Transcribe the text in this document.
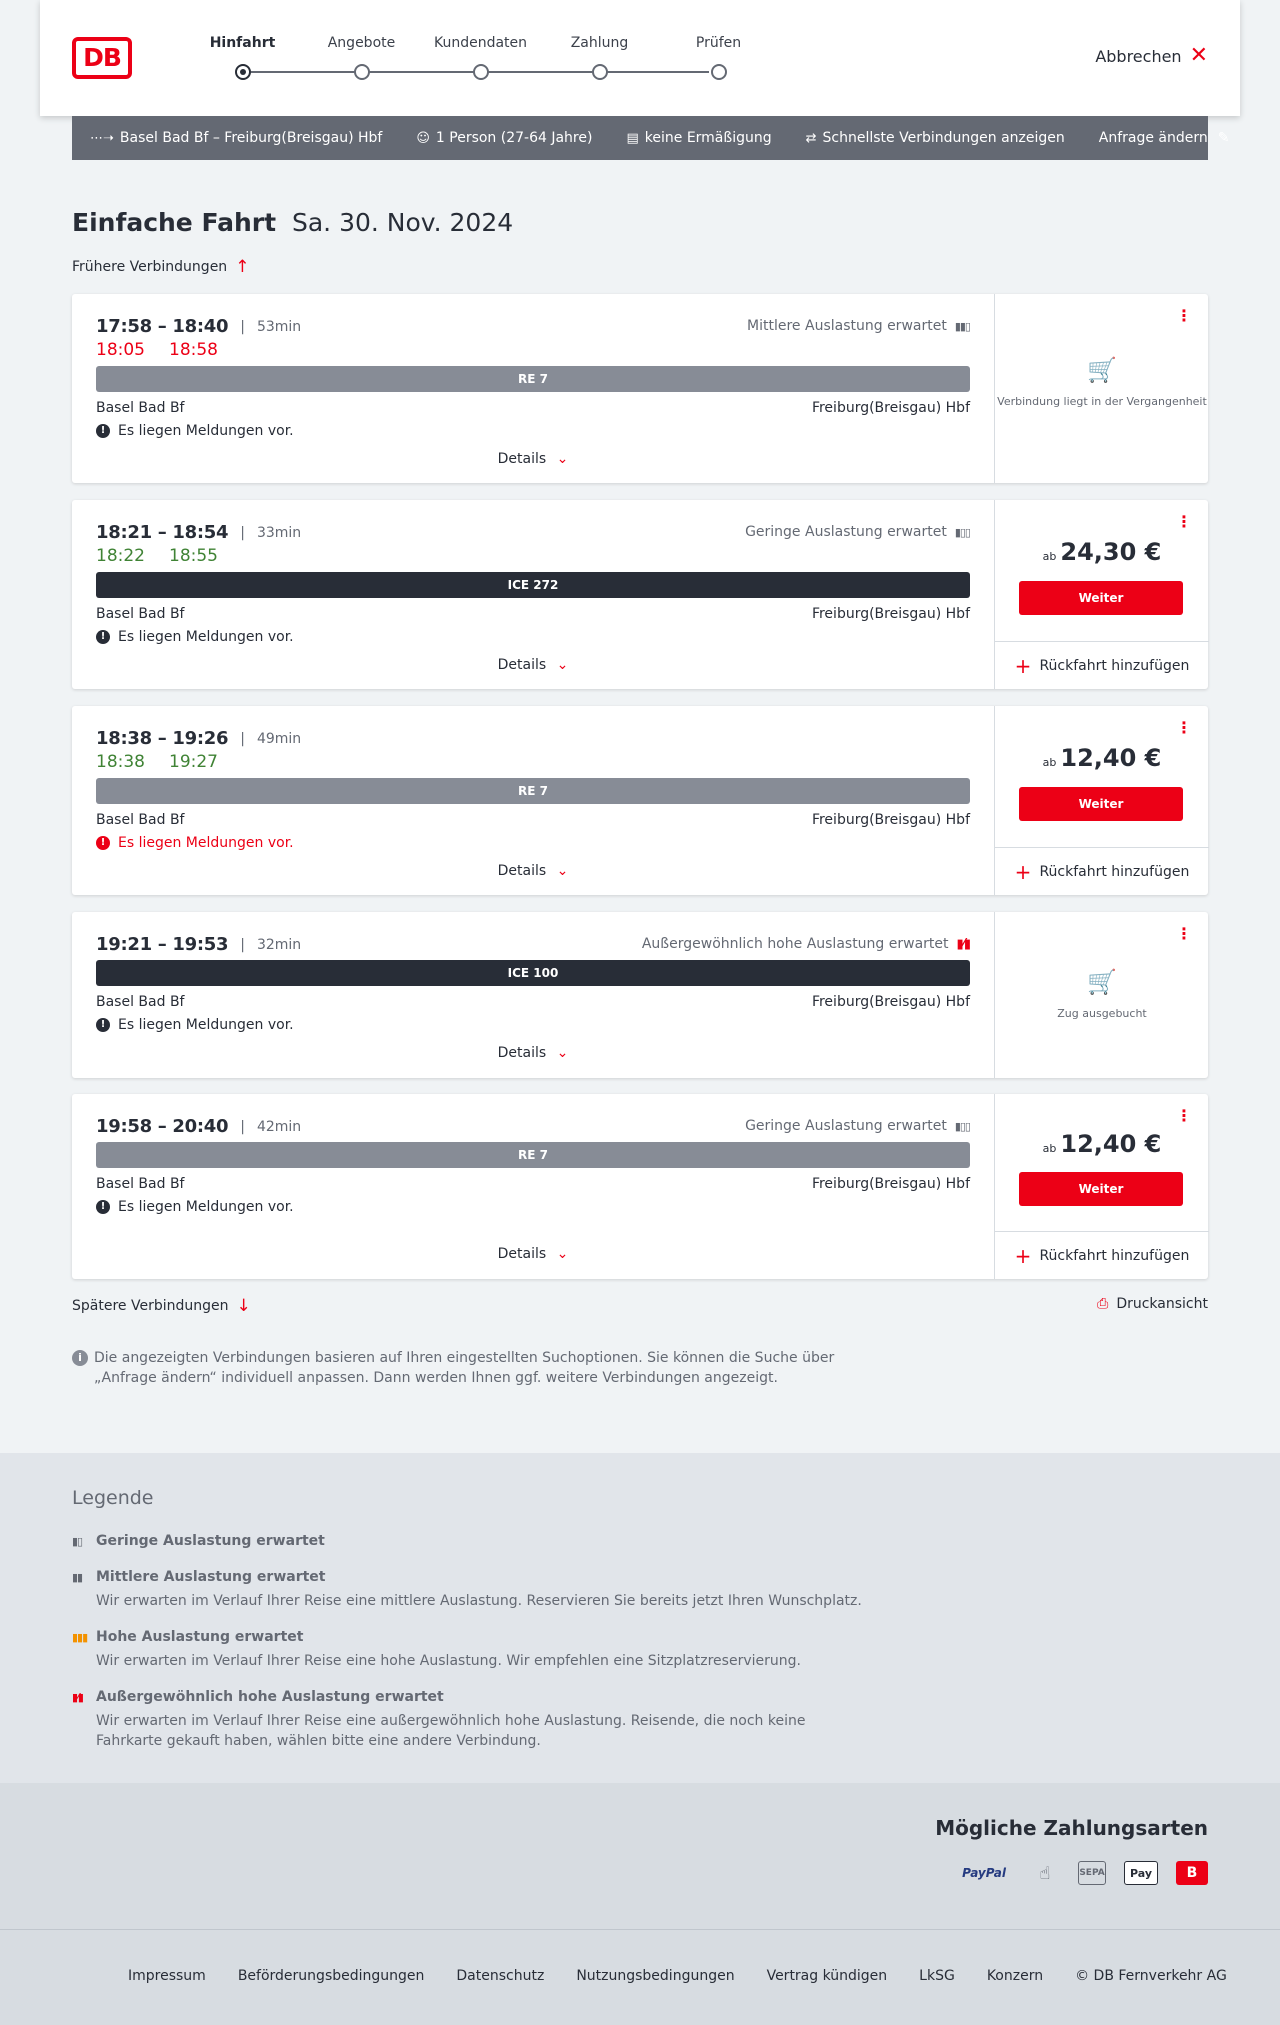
DB	Hinfahrt	Angebote	Kundendaten	Zahlung	Prüfen
Abbrechen ✕
⋯➝ Basel Bad Bf – Freiburg(Breisgau) Hbf	☺ 1 Person (27-64 Jahre)	▤ keine Ermäßigung	⇄ Schnellste Verbindungen anzeigen Anfrage ändern ✎
Einfache Fahrt Sa. 30. Nov. 2024
Frühere Verbindungen ↑
17:58 – 18:40 | 53min
18:05 18:58
Mittlere Auslastung erwartet ▮▮▯
RE 7
Basel Bad Bf	Freiburg(Breisgau) Hbf
! Es liegen Meldungen vor.
Details ⌄
⋮
🛒
Verbindung liegt in der Vergangenheit
18:21 – 18:54 | 33min
18:22 18:55
Geringe Auslastung erwartet ▮▯▯
ICE 272
Basel Bad Bf	Freiburg(Breisgau) Hbf
! Es liegen Meldungen vor.
Details ⌄
⋮
ab 24,30 €
Weiter
+ Rückfahrt hinzufügen
18:38 – 19:26 | 49min
18:38 19:27
RE 7
Basel Bad Bf	Freiburg(Breisgau) Hbf
! Es liegen Meldungen vor.
Details ⌄
⋮
ab 12,40 €
Weiter
+ Rückfahrt hinzufügen
19:21 – 19:53 | 32min	Außergewöhnlich hohe Auslastung erwartet ▮⁄▮
ICE 100
Basel Bad Bf	Freiburg(Breisgau) Hbf
! Es liegen Meldungen vor.
Details ⌄
⋮
🛒
Zug ausgebucht
19:58 – 20:40 | 42min	Geringe Auslastung erwartet ▮▯▯
RE 7
Basel Bad Bf	Freiburg(Breisgau) Hbf
! Es liegen Meldungen vor.
Details ⌄
⋮
ab 12,40 €
Weiter
+ Rückfahrt hinzufügen
Spätere Verbindungen ↓	⎙ Druckansicht
i Die angezeigten Verbindungen basieren auf Ihren eingestellten Suchoptionen. Sie können die Suche über „Anfrage ändern“ individuell anpassen. Dann werden Ihnen ggf. weitere Verbindungen angezeigt.
Legende
▮▯ Geringe Auslastung erwartet
▮▮ Mittlere Auslastung erwartet
Wir erwarten im Verlauf Ihrer Reise eine mittlere Auslastung. Reservieren Sie bereits jetzt Ihren Wunschplatz.
▮▮▮ Hohe Auslastung erwartet
Wir erwarten im Verlauf Ihrer Reise eine hohe Auslastung. Wir empfehlen eine Sitzplatzreservierung.
▮⁄▮ Außergewöhnlich hohe Auslastung erwartet
Wir erwarten im Verlauf Ihrer Reise eine außergewöhnlich hohe Auslastung. Reisende, die noch keine Fahrkarte gekauft haben, wählen bitte eine andere Verbindung.
Mögliche Zahlungsarten
PayPal	☝	SEPA	Pay	B
Impressum Beförderungsbedingungen Datenschutz Nutzungsbedingungen Vertrag kündigen LkSG Konzern © DB Fernverkehr AG
